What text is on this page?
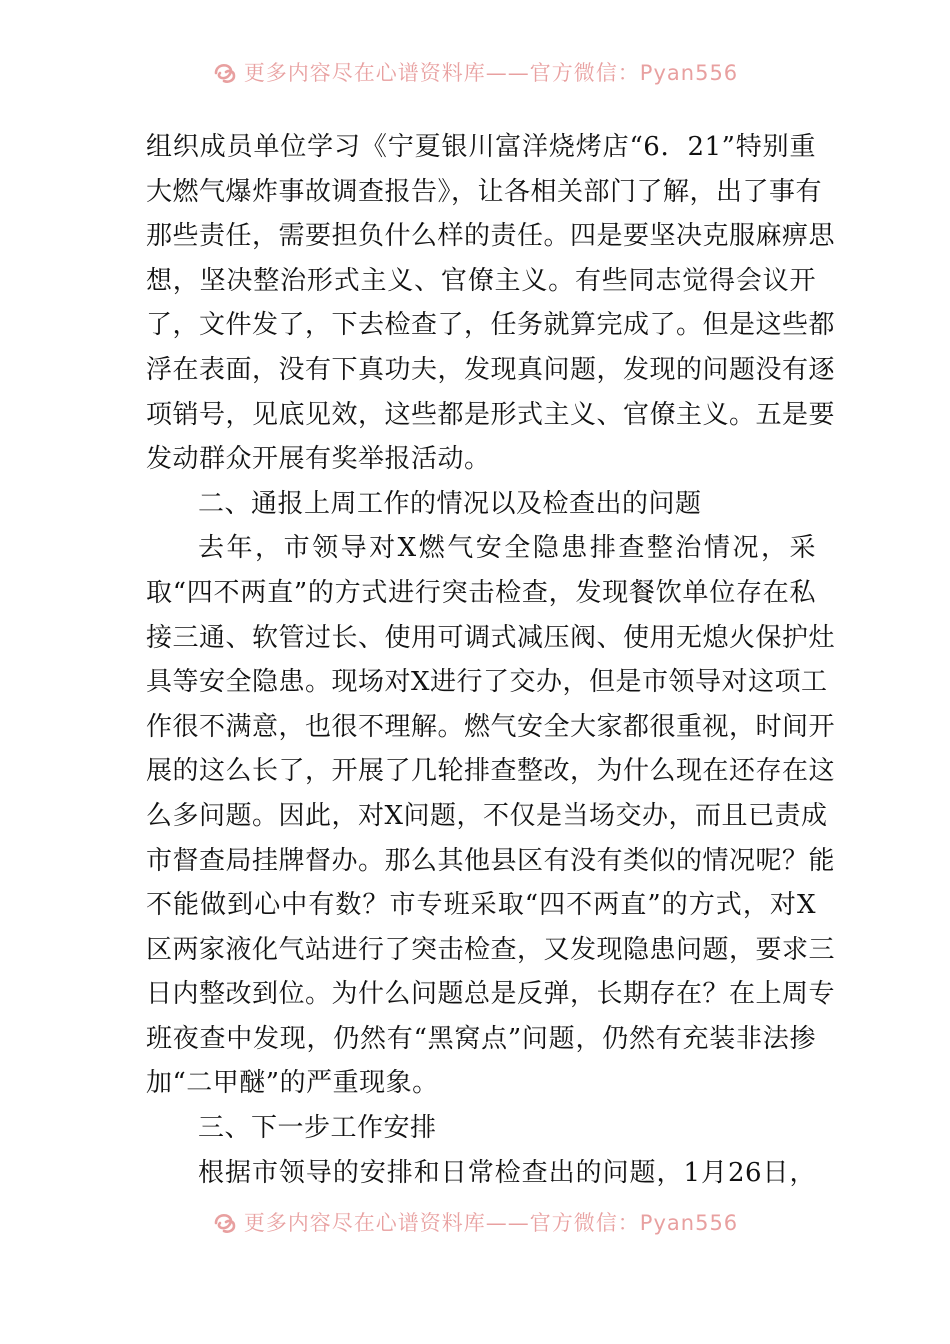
更多内容尽在心谱资料库——官方微信：Pyan556
组织成员单位学习《宁夏银川富洋烧烤店“6．21”特别重
大燃气爆炸事故调查报告》，让各相关部门了解，出了事有
那些责任，需要担负什么样的责任。四是要坚决克服麻痹思
想，坚决整治形式主义、官僚主义。有些同志觉得会议开
了，文件发了，下去检查了，任务就算完成了。但是这些都
浮在表面，没有下真功夫，发现真问题，发现的问题没有逐
项销号，见底见效，这些都是形式主义、官僚主义。五是要
发动群众开展有奖举报活动。
二、通报上周工作的情况以及检查出的问题
去年，市领导对X燃气安全隐患排查整治情况，采
取“四不两直”的方式进行突击检查，发现餐饮单位存在私
接三通、软管过长、使用可调式减压阀、使用无熄火保护灶
具等安全隐患。现场对X进行了交办，但是市领导对这项工
作很不满意，也很不理解。燃气安全大家都很重视，时间开
展的这么长了，开展了几轮排查整改，为什么现在还存在这
么多问题。因此，对X问题，不仅是当场交办，而且已责成
市督查局挂牌督办。那么其他县区有没有类似的情况呢？能
不能做到心中有数？市专班采取“四不两直”的方式，对X
区两家液化气站进行了突击检查，又发现隐患问题，要求三
日内整改到位。为什么问题总是反弹，长期存在？在上周专
班夜查中发现，仍然有“黑窝点”问题，仍然有充装非法掺
加“二甲醚”的严重现象。
三、下一步工作安排
根据市领导的安排和日常检查出的问题，1月26日，
更多内容尽在心谱资料库——官方微信：Pyan556
